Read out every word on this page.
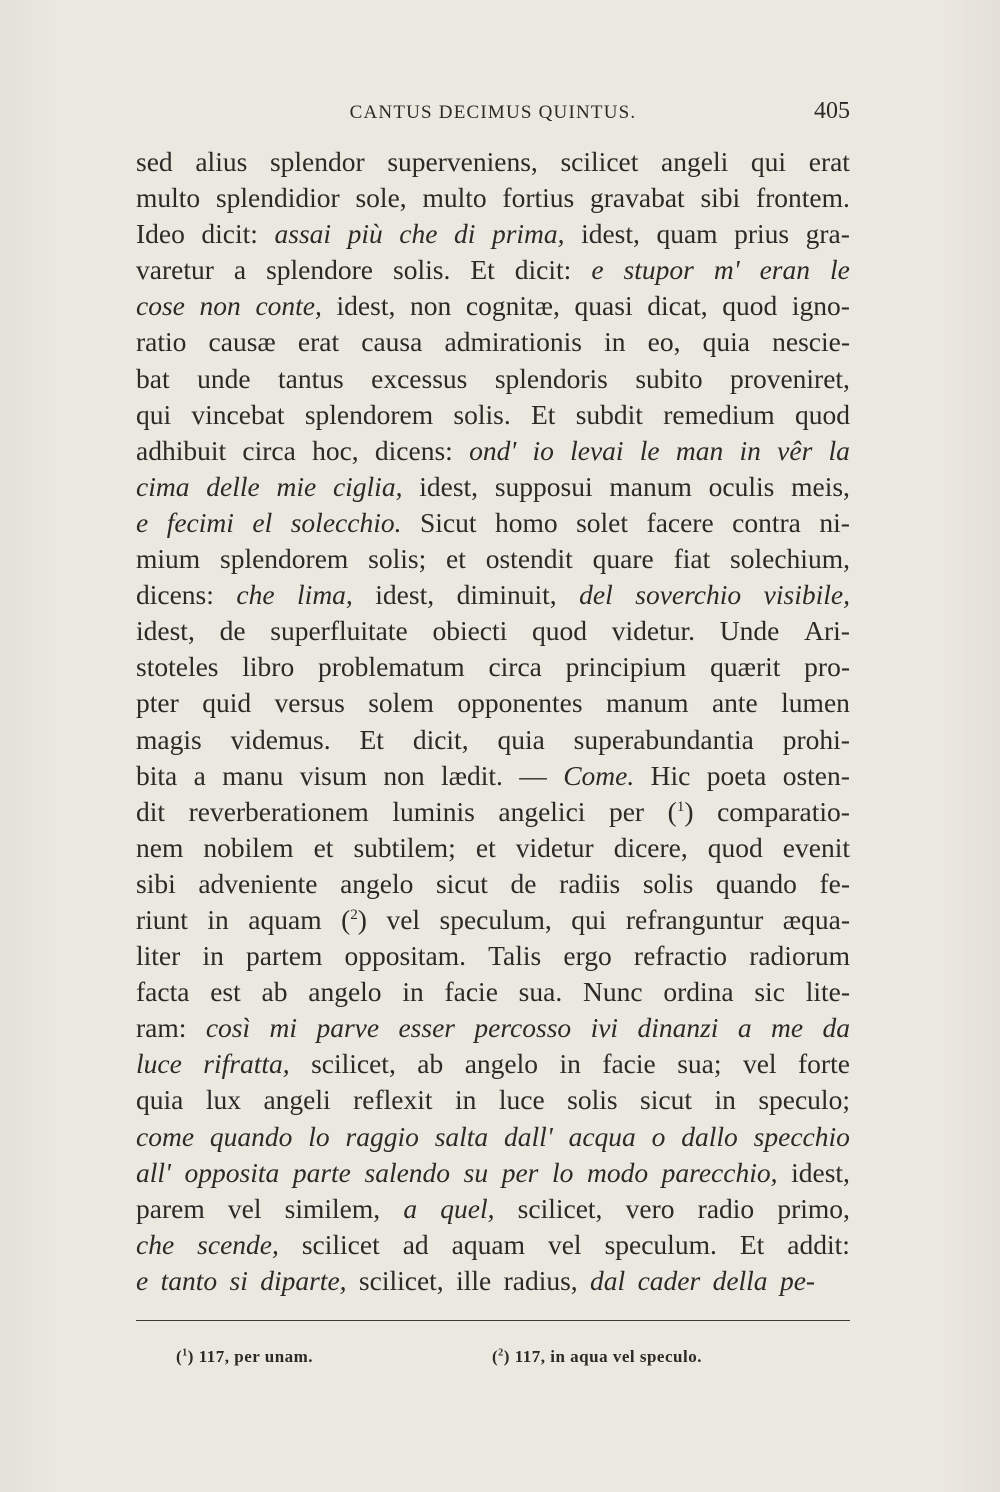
CANTUS DECIMUS QUINTUS.	405
sed alius splendor superveniens, scilicet angeli qui erat
multo splendidior sole, multo fortius gravabat sibi frontem.
Ideo dicit: assai più che di prima, idest, quam prius gra-
varetur a splendore solis. Et dicit: e stupor m' eran le
cose non conte, idest, non cognitæ, quasi dicat, quod igno-
ratio causæ erat causa admirationis in eo, quia nescie-
bat unde tantus excessus splendoris subito proveniret,
qui vincebat splendorem solis. Et subdit remedium quod
adhibuit circa hoc, dicens: ond' io levai le man in vêr la
cima delle mie ciglia, idest, supposui manum oculis meis,
e fecimi el solecchio. Sicut homo solet facere contra ni-
mium splendorem solis; et ostendit quare fiat solechium,
dicens: che lima, idest, diminuit, del soverchio visibile,
idest, de superfluitate obiecti quod videtur. Unde Ari-
stoteles libro problematum circa principium quærit pro-
pter quid versus solem opponentes manum ante lumen
magis videmus. Et dicit, quia superabundantia prohi-
bita a manu visum non lædit. — Come. Hic poeta osten-
dit reverberationem luminis angelici per ($^1$) comparatio-
nem nobilem et subtilem; et videtur dicere, quod evenit
sibi adveniente angelo sicut de radiis solis quando fe-
riunt in aquam ($^2$) vel speculum, qui refranguntur æqua-
liter in partem oppositam. Talis ergo refractio radiorum
facta est ab angelo in facie sua. Nunc ordina sic lite-
ram: così mi parve esser percosso ivi dinanzi a me da
luce rifratta, scilicet, ab angelo in facie sua; vel forte
quia lux angeli reflexit in luce solis sicut in speculo;
come quando lo raggio salta dall' acqua o dallo specchio
all' opposita parte salendo su per lo modo parecchio, idest,
parem vel similem, a quel, scilicet, vero radio primo,
che scende, scilicet ad aquam vel speculum. Et addit:
e tanto si diparte, scilicet, ille radius, dal cader della pe-
($^1$) 117, per unam.	($^2$) 117, in aqua vel speculo.
